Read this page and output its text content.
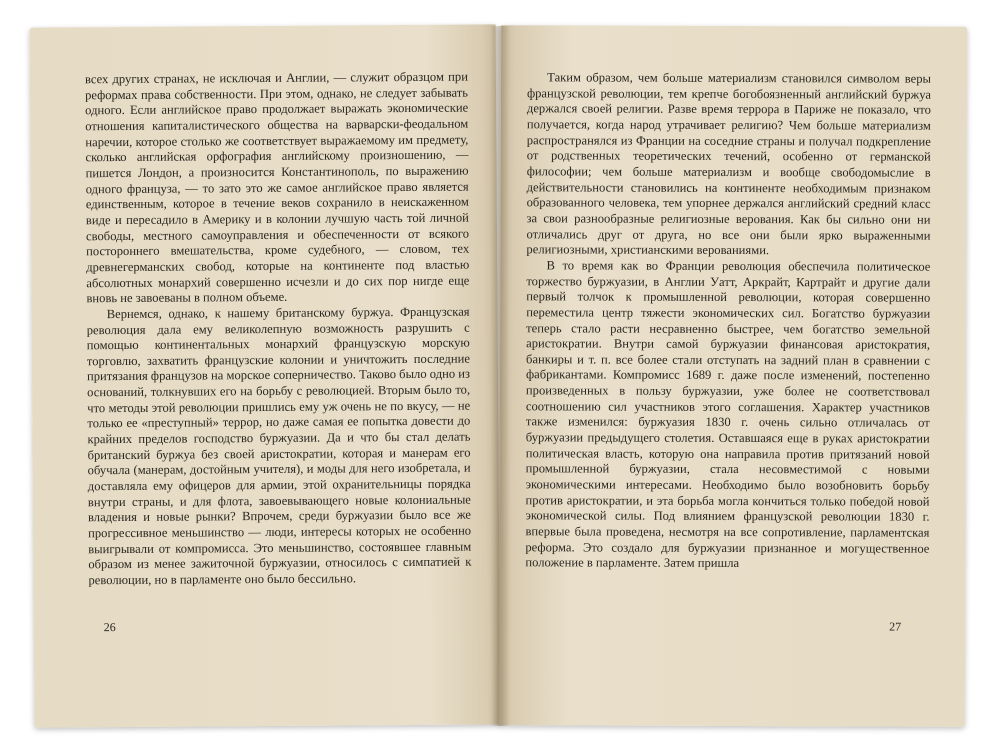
всех других странах, не исключая и Англии, — служит образцом при реформах права собственности. При этом, однако, не следует забывать одного. Если английское право продолжает выражать экономические отношения капиталистического общества на варварски-феодальном наречии, которое столько же соответствует выражаемому им предмету, сколько английская орфография английскому произношению, — пишется Лондон, а произносится Константинополь, по выражению одного француза, — то зато это же самое английское право является единственным, которое в течение веков сохранило в неискаженном виде и пересадило в Америку и в колонии лучшую часть той личной свободы, местного самоуправления и обеспеченности от всякого постороннего вмешательства, кроме судебного, — словом, тех древнегерманских свобод, которые на континенте под властью абсолютных монархий совершенно исчезли и до сих пор нигде еще вновь не завоеваны в полном объеме.

Вернемся, однако, к нашему британскому буржуа. Французская революция дала ему великолепную возможность разрушить с помощью континентальных монархий французскую морскую торговлю, захватить французские колонии и уничтожить последние притязания французов на морское соперничество. Таково было одно из оснований, толкнувших его на борьбу с революцией. Вторым было то, что методы этой революции пришлись ему уж очень не по вкусу, — не только ее «преступный» террор, но даже самая ее попытка довести до крайних пределов господство буржуазии. Да и что бы стал делать британский буржуа без своей аристократии, которая и манерам его обучала (манерам, достойным учителя), и моды для него изобретала, и доставляла ему офицеров для армии, этой охранительницы порядка внутри страны, и для флота, завоевывающего новые колониальные владения и новые рынки? Впрочем, среди буржуазии было все же прогрессивное меньшинство — люди, интересы которых не особенно выигрывали от компромисса. Это меньшинство, состоявшее главным образом из менее зажиточной буржуазии, относилось с симпатией к революции, но в парламенте оно было бессильно.

26

Таким образом, чем больше материализм становился символом веры французской революции, тем крепче богобоязненный английский буржуа держался своей религии. Разве время террора в Париже не показало, что получается, когда народ утрачивает религию? Чем больше материализм распространялся из Франции на соседние страны и получал подкрепление от родственных теоретических течений, особенно от германской философии; чем больше материализм и вообще свободомыслие в действительности становились на континенте необходимым признаком образованного человека, тем упорнее держался английский средний класс за свои разнообразные религиозные верования. Как бы сильно они ни отличались друг от друга, но все они были ярко выраженными религиозными, христианскими верованиями.

В то время как во Франции революция обеспечила политическое торжество буржуазии, в Англии Уатт, Аркрайт, Картрайт и другие дали первый толчок к промышленной революции, которая совершенно переместила центр тяжести экономических сил. Богатство буржуазии теперь стало расти несравненно быстрее, чем богатство земельной аристократии. Внутри самой буржуазии финансовая аристократия, банкиры и т. п. все более стали отступать на задний план в сравнении с фабрикантами. Компромисс 1689 г. даже после изменений, постепенно произведенных в пользу буржуазии, уже более не соответствовал соотношению сил участников этого соглашения. Характер участников также изменился: буржуазия 1830 г. очень сильно отличалась от буржуазии предыдущего столетия. Оставшаяся еще в руках аристократии политическая власть, которую она направила против притязаний новой промышленной буржуазии, стала несовместимой с новыми экономическими интересами. Необходимо было возобновить борьбу против аристократии, и эта борьба могла кончиться только победой новой экономической силы. Под влиянием французской революции 1830 г. впервые была проведена, несмотря на все сопротивление, парламентская реформа. Это создало для буржуазии признанное и могущественное положение в парламенте. Затем пришла

27
